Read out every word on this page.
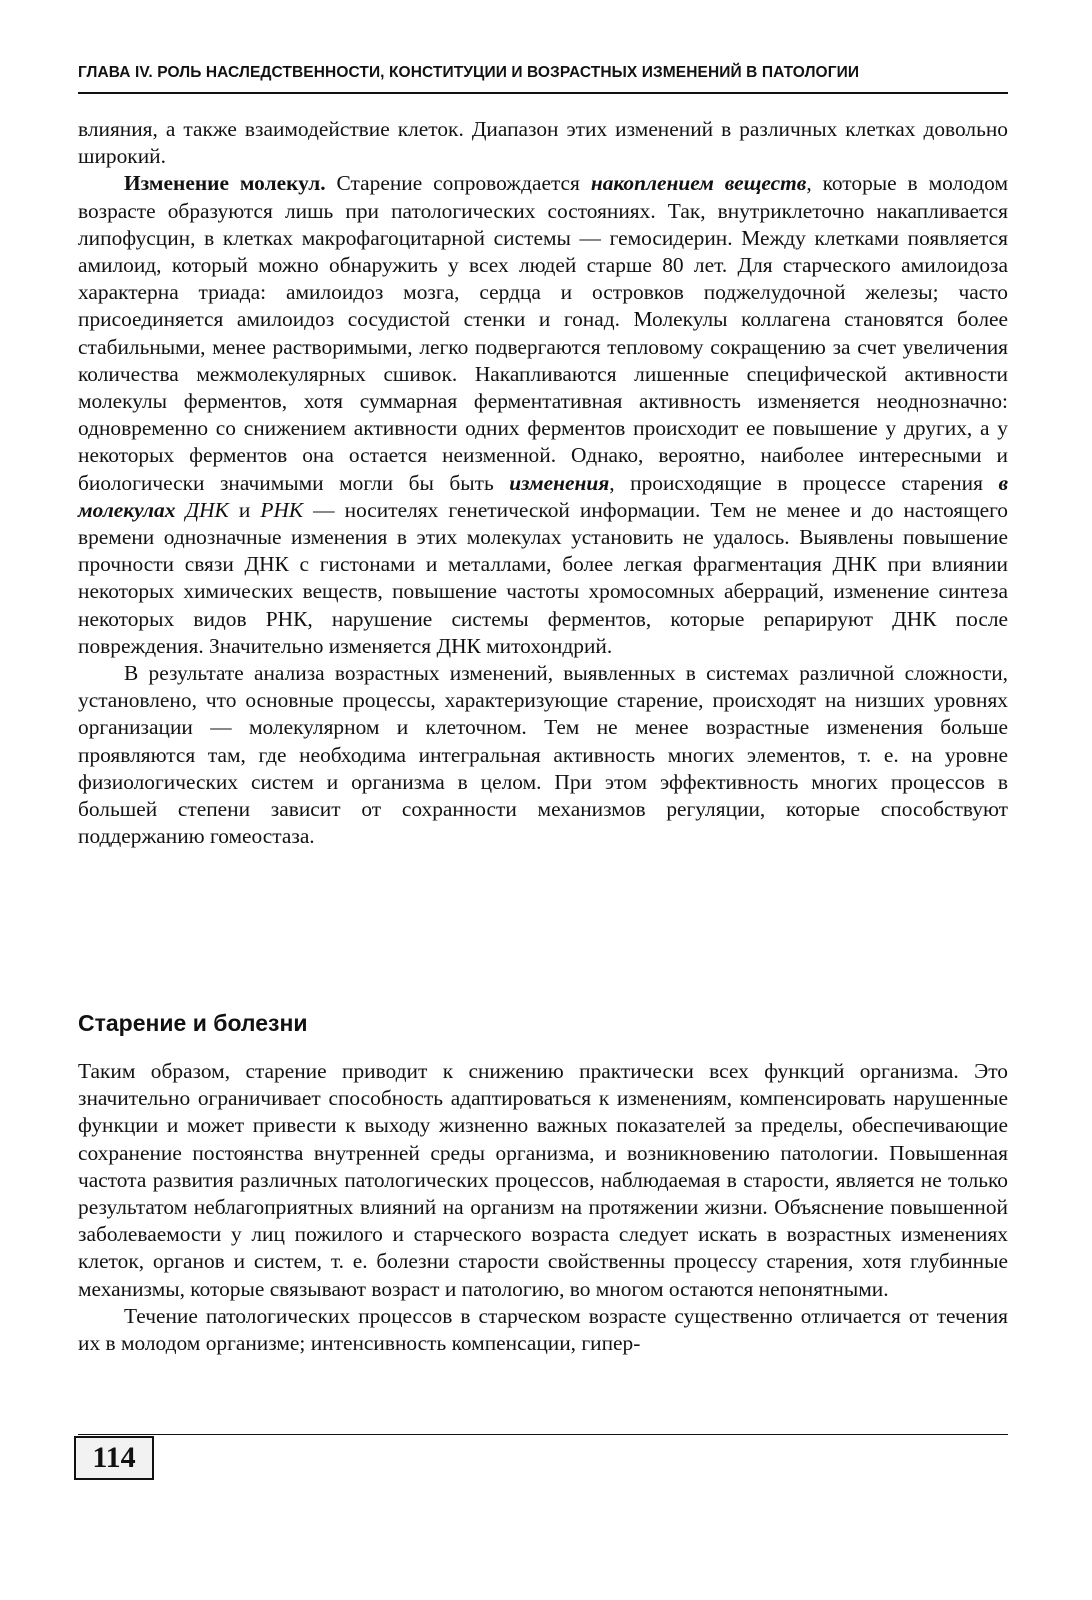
ГЛАВА IV. РОЛЬ НАСЛЕДСТВЕННОСТИ, КОНСТИТУЦИИ И ВОЗРАСТНЫХ ИЗМЕНЕНИЙ В ПАТОЛОГИИ

влияния, а также взаимодействие клеток. Диапазон этих изменений в различных клетках довольно широкий.

Изменение молекул. Старение сопровождается накоплением веществ, которые в молодом возрасте образуются лишь при патологических состояниях. Так, внутриклеточно накапливается липофусцин, в клетках макрофагоцитарной системы — гемосидерин. Между клетками появляется амилоид, который можно обнаружить у всех людей старше 80 лет. Для старческого амилоидоза характерна триада: амилоидоз мозга, сердца и островков поджелудочной железы; часто присоединяется амилоидоз сосудистой стенки и гонад. Молекулы коллагена становятся более стабильными, менее растворимыми, легко подвергаются тепловому сокращению за счет увеличения количества межмолекулярных сшивок. Накапливаются лишенные специфической активности молекулы ферментов, хотя суммарная ферментативная активность изменяется неоднозначно: одновременно со снижением активности одних ферментов происходит ее повышение у других, а у некоторых ферментов она остается неизменной. Однако, вероятно, наиболее интересными и биологически значимыми могли бы быть изменения, происходящие в процессе старения в молекулах ДНК и РНК — носителях генетической информации. Тем не менее и до настоящего времени однозначные изменения в этих молекулах установить не удалось. Выявлены повышение прочности связи ДНК с гистонами и металлами, более легкая фрагментация ДНК при влиянии некоторых химических веществ, повышение частоты хромосомных аберраций, изменение синтеза некоторых видов РНК, нарушение системы ферментов, которые репарируют ДНК после повреждения. Значительно изменяется ДНК митохондрий.

В результате анализа возрастных изменений, выявленных в системах различной сложности, установлено, что основные процессы, характеризующие старение, происходят на низших уровнях организации — молекулярном и клеточном. Тем не менее возрастные изменения больше проявляются там, где необходима интегральная активность многих элементов, т. е. на уровне физиологических систем и организма в целом. При этом эффективность многих процессов в большей степени зависит от сохранности механизмов регуляции, которые способствуют поддержанию гомеостаза.

Старение и болезни

Таким образом, старение приводит к снижению практически всех функций организма. Это значительно ограничивает способность адаптироваться к изменениям, компенсировать нарушенные функции и может привести к выходу жизненно важных показателей за пределы, обеспечивающие сохранение постоянства внутренней среды организма, и возникновению патологии. Повышенная частота развития различных патологических процессов, наблюдаемая в старости, является не только результатом неблагоприятных влияний на организм на протяжении жизни. Объяснение повышенной заболеваемости у лиц пожилого и старческого возраста следует искать в возрастных изменениях клеток, органов и систем, т. е. болезни старости свойственны процессу старения, хотя глубинные механизмы, которые связывают возраст и патологию, во многом остаются непонятными.

Течение патологических процессов в старческом возрасте существенно отличается от течения их в молодом организме; интенсивность компенсации, гипер-

114
